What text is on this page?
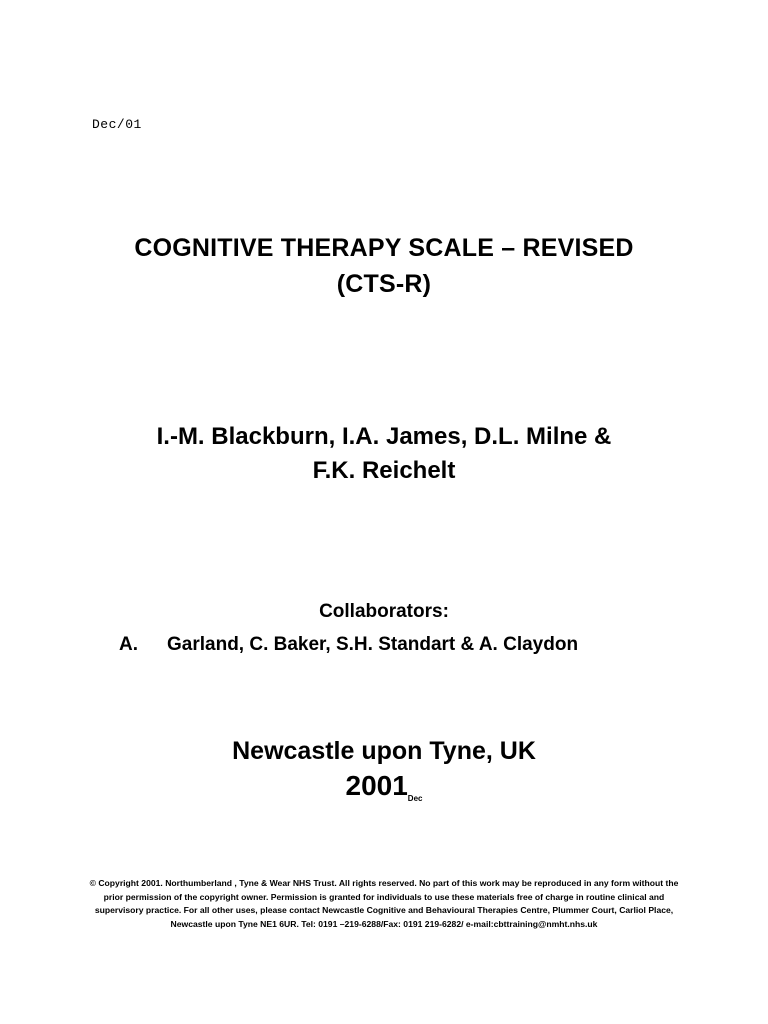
Dec/01
COGNITIVE THERAPY SCALE – REVISED
(CTS-R)
I.-M. Blackburn, I.A. James, D.L. Milne &
F.K. Reichelt
Collaborators:
A. Garland, C. Baker, S.H. Standart & A. Claydon
Newcastle upon Tyne, UK
$2001_{Dec}$
© Copyright 2001. Northumberland , Tyne & Wear NHS Trust. All rights reserved. No part of this work may be reproduced in any form without the prior permission of the copyright owner. Permission is granted for individuals to use these materials free of charge in routine clinical and supervisory practice. For all other uses, please contact Newcastle Cognitive and Behavioural Therapies Centre, Plummer Court, Carliol Place, Newcastle upon Tyne NE1 6UR. Tel: 0191 –219-6288/Fax: 0191 219-6282/ e-mail:cbttraining@nmht.nhs.uk
